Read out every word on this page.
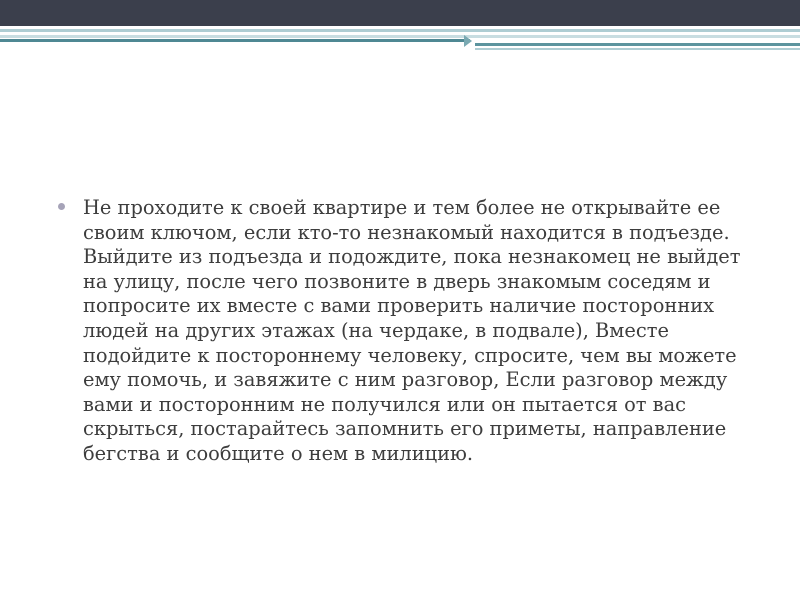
Не проходите к своей квартире и тем более не открывайте ее своим ключом, если кто-то незнакомый находится в подъезде. Выйдите из подъезда и подождите, пока незнакомец не выйдет на улицу, после чего позвоните в дверь знакомым соседям и попросите их вместе с вами проверить наличие посторонних людей на других этажах (на чердаке, в подвале), Вместе подойдите к постороннему человеку, спросите, чем вы можете ему помочь, и завяжите с ним разговор, Если разговор между вами и посторонним не получился или он пытается от вас скрыться, постарайтесь запомнить его приметы, направление бегства и сообщите о нем в милицию.
